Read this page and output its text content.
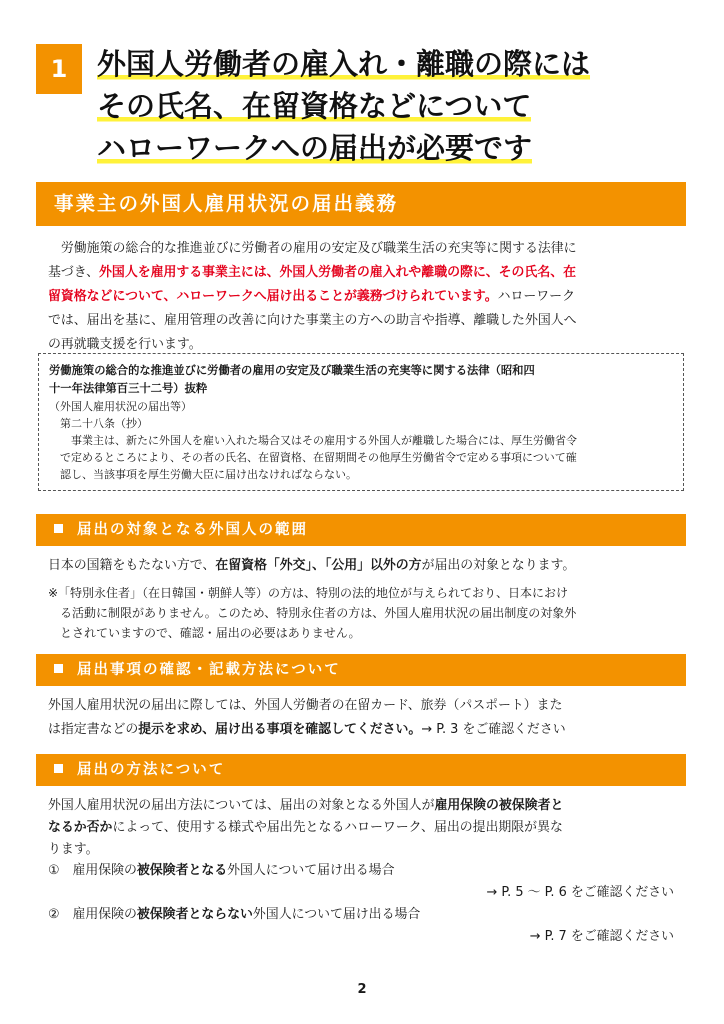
1	外国人労働者の雇入れ・離職の際には
その氏名、在留資格などについて
ハローワークへの届出が必要です
事業主の外国人雇用状況の届出義務
　労働施策の総合的な推進並びに労働者の雇用の安定及び職業生活の充実等に関する法律に
基づき、外国人を雇用する事業主には、外国人労働者の雇入れや離職の際に、その氏名、在
留資格などについて、ハローワークへ届け出ることが義務づけられています。ハローワーク
では、届出を基に、雇用管理の改善に向けた事業主の方への助言や指導、離職した外国人へ
の再就職支援を行います。
労働施策の総合的な推進並びに労働者の雇用の安定及び職業生活の充実等に関する法律（昭和四
十一年法律第百三十二号）抜粋
（外国人雇用状況の届出等）
　第二十八条（抄）
　　事業主は、新たに外国人を雇い入れた場合又はその雇用する外国人が離職した場合には、厚生労働省令
　で定めるところにより、その者の氏名、在留資格、在留期間その他厚生労働省令で定める事項について確
　認し、当該事項を厚生労働大臣に届け出なければならない。
届出の対象となる外国人の範囲
日本の国籍をもたない方で、在留資格「外交」、「公用」以外の方が届出の対象となります。
※「特別永住者」（在日韓国・朝鮮人等）の方は、特別の法的地位が与えられており、日本におけ
　る活動に制限がありません。このため、特別永住者の方は、外国人雇用状況の届出制度の対象外
　とされていますので、確認・届出の必要はありません。
届出事項の確認・記載方法について
外国人雇用状況の届出に際しては、外国人労働者の在留カード、旅券（パスポート）また
は指定書などの提示を求め、届け出る事項を確認してください。→ P. 3 をご確認ください
届出の方法について
外国人雇用状況の届出方法については、届出の対象となる外国人が雇用保険の被保険者と
なるか否かによって、使用する様式や届出先となるハローワーク、届出の提出期限が異な
ります。
①　雇用保険の被保険者となる外国人について届け出る場合
→ P. 5 ～ P. 6 をご確認ください
②　雇用保険の被保険者とならない外国人について届け出る場合
→ P. 7 をご確認ください
2
